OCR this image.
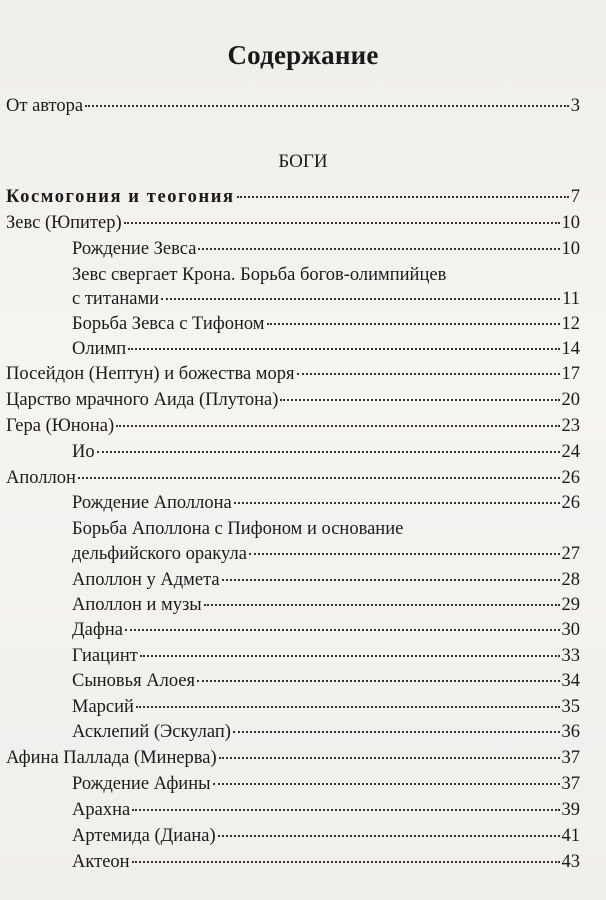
Содержание
БОГИ
От автора	3
Космогония и теогония	7
Зевс (Юпитер)	10
Рождение Зевса	10
Зевс свергает Крона. Борьба богов-олимпийцев
с титанами	11
Борьба Зевса с Тифоном	12
Олимп	14
Посейдон (Нептун) и божества моря	17
Царство мрачного Аида (Плутона)	20
Гера (Юнона)	23
Ио	24
Аполлон	26
Рождение Аполлона	26
Борьба Аполлона с Пифоном и основание
дельфийского оракула	27
Аполлон у Адмета	28
Аполлон и музы	29
Дафна	30
Гиацинт	33
Сыновья Алоея	34
Марсий	35
Асклепий (Эскулап)	36
Афина Паллада (Минерва)	37
Рождение Афины	37
Арахна	39
Артемида (Диана)	41
Актеон	43
